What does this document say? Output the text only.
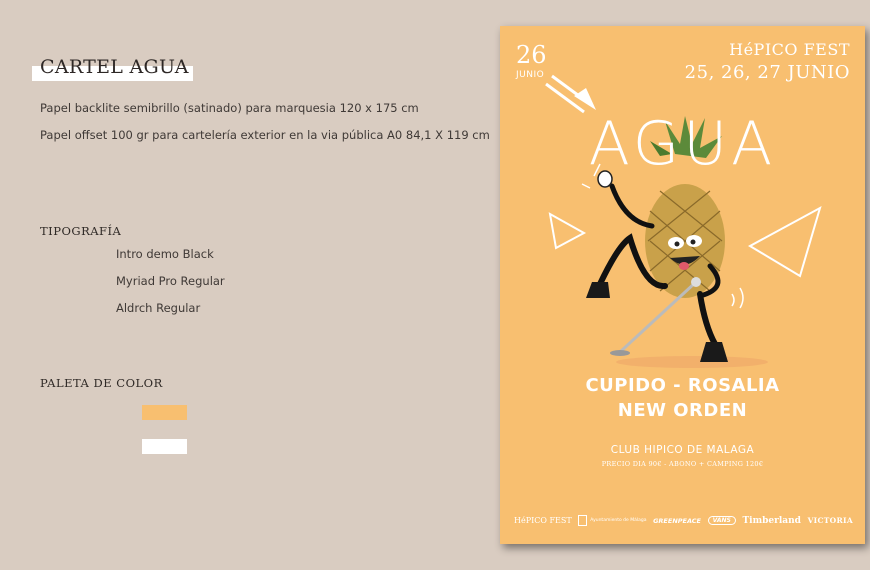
CARTEL AGUA
Papel backlite semibrillo (satinado) para marquesia 120 x 175 cm
Papel offset 100 gr para cartelería exterior en la via pública A0 84,1 X 119 cm
TIPOGRAFÍA
Intro demo Black
Myriad Pro Regular
Aldrch Regular
PALETA DE COLOR
26
JUNIO
HéPICO FEST
25, 26, 27 JUNIO
AGUA
CUPIDO - ROSALIA
NEW ORDEN
CLUB HIPICO DE MALAGA
PRECIO DIA 90€ - ABONO + CAMPING 120€
HéPICO FEST	Ayuntamiento de Málaga GREENPEACE	VANS	Timberland VICTORIA
